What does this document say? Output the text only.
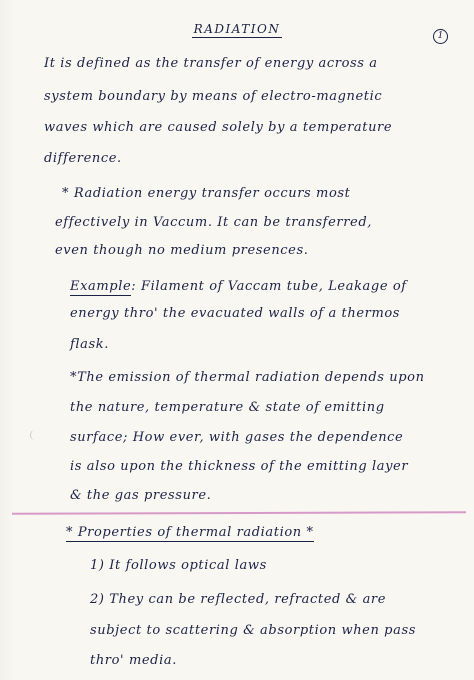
RADIATION	1
It is defined as the transfer of energy across a
system boundary by means of electro-magnetic
waves which are caused solely by a temperature
difference.
* Radiation energy transfer occurs most
effectively in Vaccum. It can be transferred,
even though no medium presences.
Example: Filament of Vaccam tube, Leakage of
energy thro' the evacuated walls of a thermos
flask.
*The emission of thermal radiation depends upon
the nature, temperature & state of emitting
surface; How ever, with gases the dependence
is also upon the thickness of the emitting layer
& the gas pressure.
* Properties of thermal radiation *
1) It follows optical laws
2) They can be reflected, refracted & are
subject to scattering & absorption when pass
thro' media.
